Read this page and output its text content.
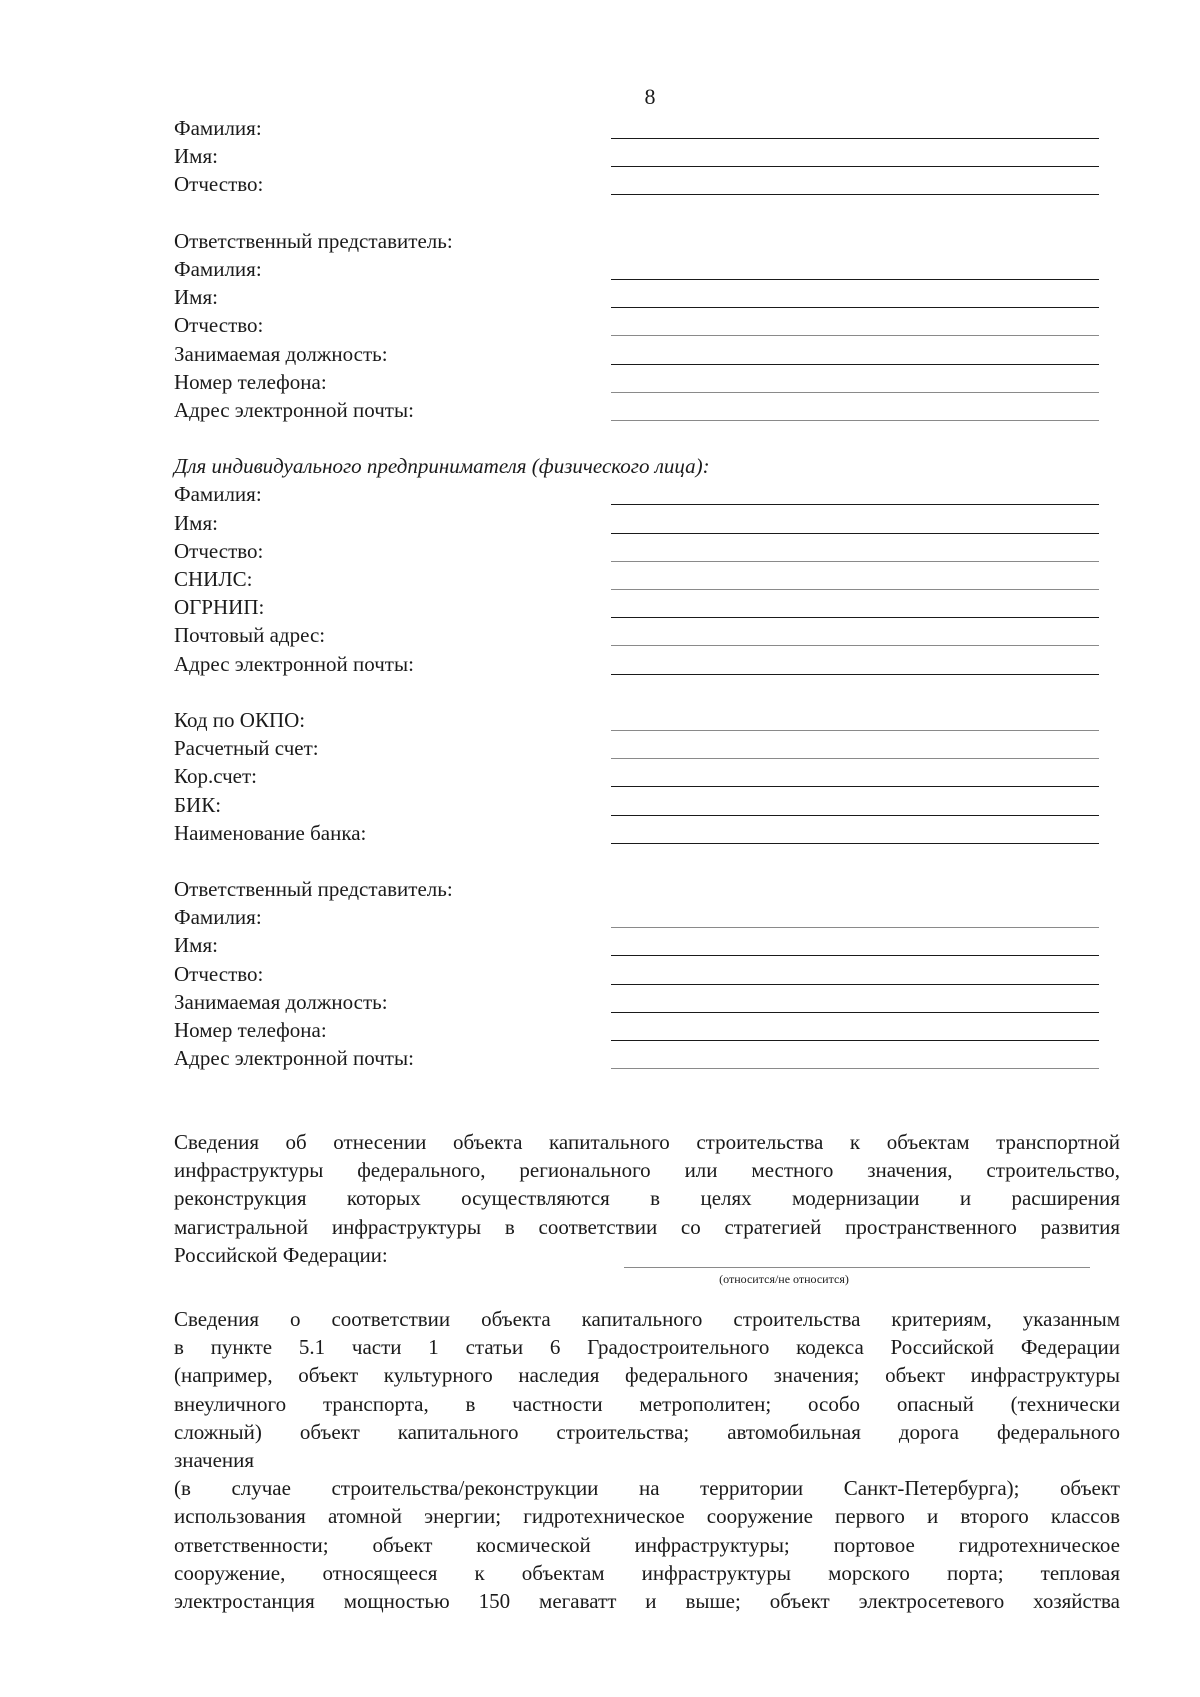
8
Фамилия:
Имя:
Отчество:
Ответственный представитель:
Фамилия:
Имя:
Отчество:
Занимаемая должность:
Номер телефона:
Адрес электронной почты:
Для индивидуального предпринимателя (физического лица):
Фамилия:
Имя:
Отчество:
СНИЛС:
ОГРНИП:
Почтовый адрес:
Адрес электронной почты:
Код по ОКПО:
Расчетный счет:
Кор.счет:
БИК:
Наименование банка:
Ответственный представитель:
Фамилия:
Имя:
Отчество:
Занимаемая должность:
Номер телефона:
Адрес электронной почты:
Сведения об отнесении объекта капитального строительства к объектам транспортной
инфраструктуры федерального, регионального или местного значения, строительство,
реконструкция которых осуществляются в целях модернизации и расширения
магистральной инфраструктуры в соответствии со стратегией пространственного развития
Российской Федерации:
(относится/не относится)
Сведения о соответствии объекта капитального строительства критериям, указанным
в пункте 5.1 части 1 статьи 6 Градостроительного кодекса Российской Федерации
(например, объект культурного наследия федерального значения; объект инфраструктуры
внеуличного транспорта, в частности метрополитен; особо опасный (технически
сложный) объект капитального строительства; автомобильная дорога федерального
значения
(в случае строительства/реконструкции на территории Санкт-Петербурга); объект
использования атомной энергии; гидротехническое сооружение первого и второго классов
ответственности; объект космической инфраструктуры; портовое гидротехническое
сооружение, относящееся к объектам инфраструктуры морского порта; тепловая
электростанция мощностью 150 мегаватт и выше; объект электросетевого хозяйства
